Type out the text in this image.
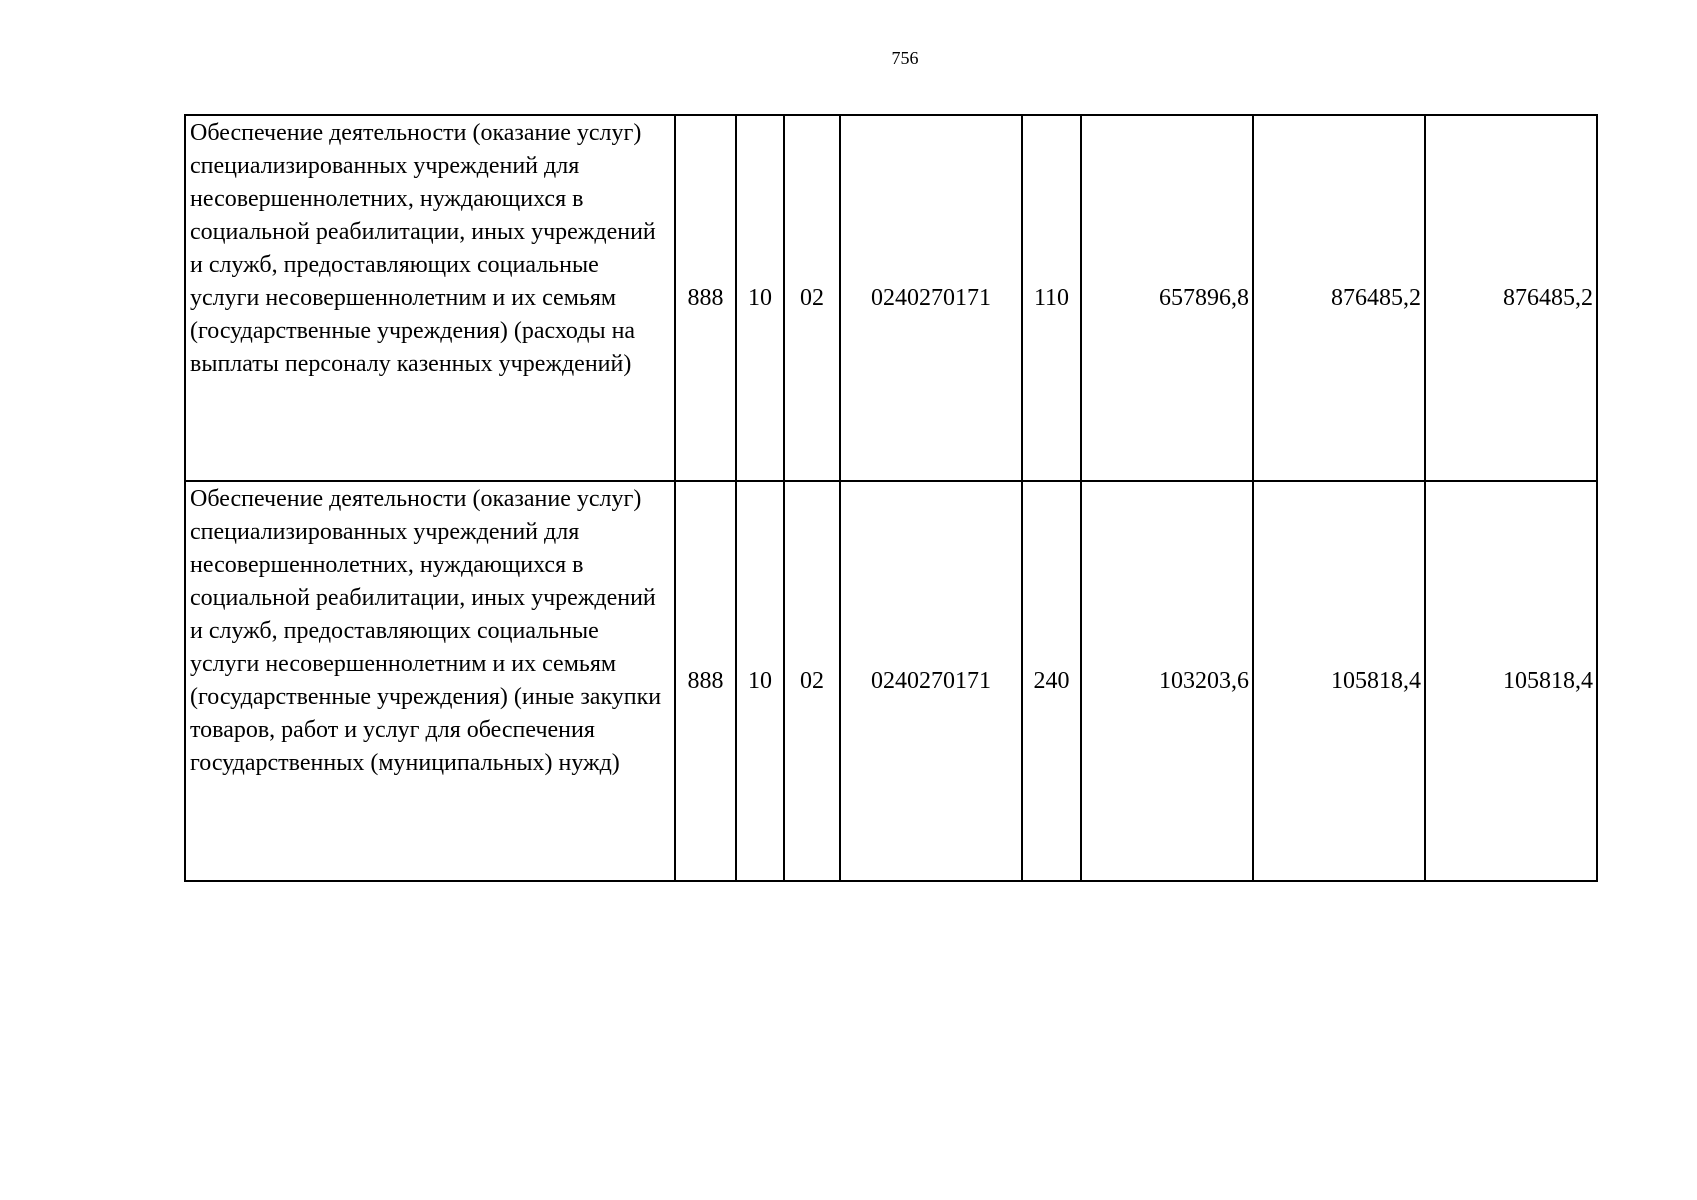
756
Обеспечение деятельности (оказание услуг) специализированных учреждений для несовершеннолетних, нуждающихся в социальной реабилитации, иных учреждений и служб, предоставляющих социальные услуги несовершеннолетним и их семьям (государственные учреждения) (расходы на выплаты персоналу казенных учреждений)	888	10	02	0240270171	110	657896,8	876485,2	876485,2
Обеспечение деятельности (оказание услуг) специализированных учреждений для несовершеннолетних, нуждающихся в социальной реабилитации, иных учреждений и служб, предоставляющих социальные услуги несовершеннолетним и их семьям (государственные учреждения) (иные закупки товаров, работ и услуг для обеспечения государственных (муниципальных) нужд)	888	10	02	0240270171	240	103203,6	105818,4	105818,4
